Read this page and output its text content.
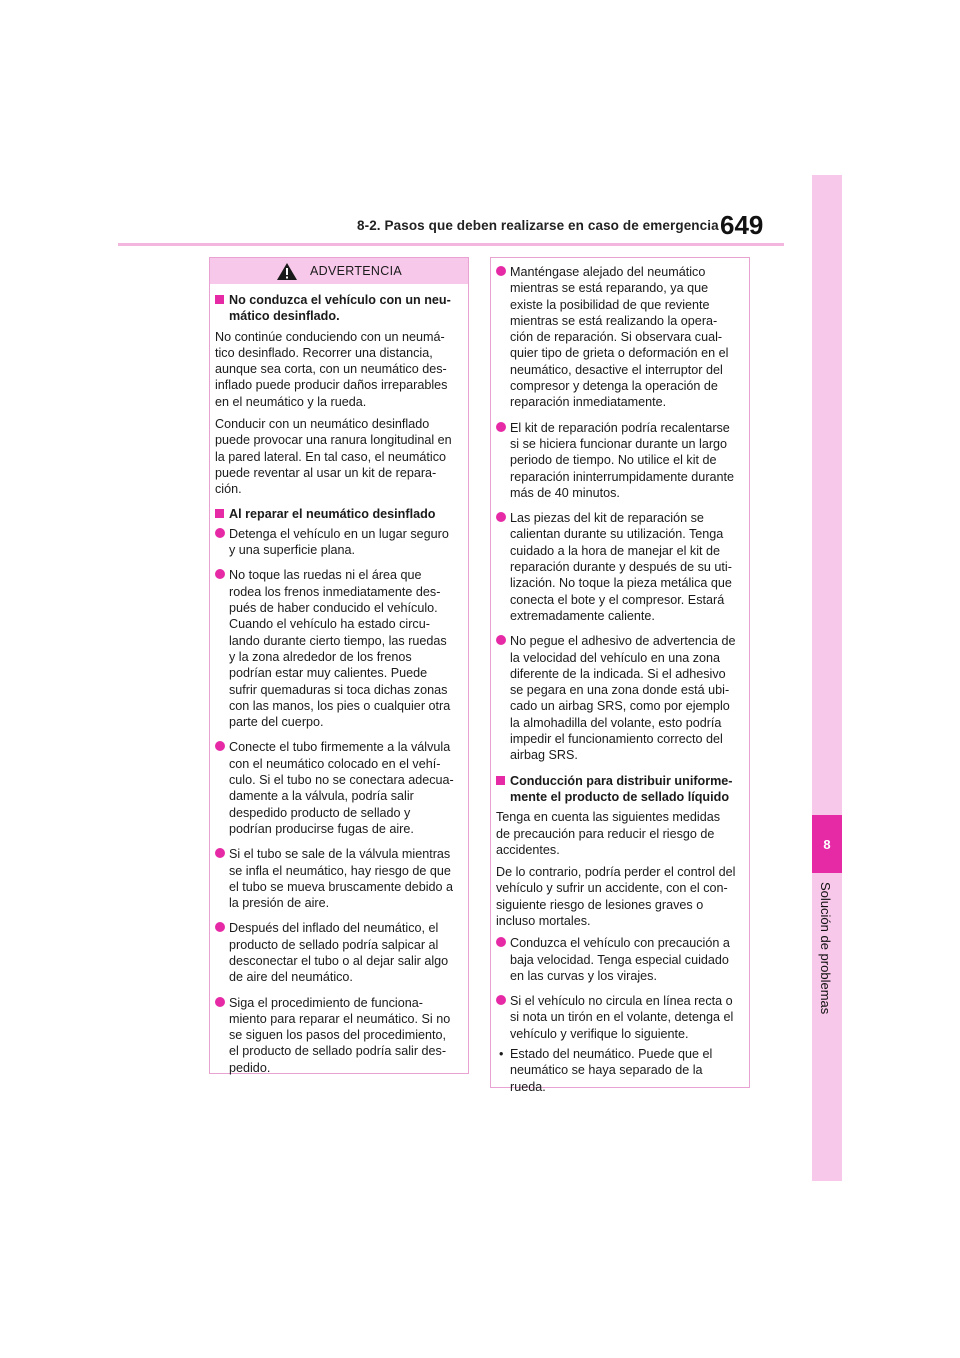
8-2. Pasos que deben realizarse en caso de emergencia 649
8
Solución de problemas
ADVERTENCIA
No conduzca el vehículo con un neu-
mático desinflado.
No continúe conduciendo con un neumá-
tico desinflado. Recorrer una distancia,
aunque sea corta, con un neumático des-
inflado puede producir daños irreparables
en el neumático y la rueda.
Conducir con un neumático desinflado
puede provocar una ranura longitudinal en
la pared lateral. En tal caso, el neumático
puede reventar al usar un kit de repara-
ción.
Al reparar el neumático desinflado
Detenga el vehículo en un lugar seguro
y una superficie plana.
No toque las ruedas ni el área que
rodea los frenos inmediatamente des-
pués de haber conducido el vehículo.
Cuando el vehículo ha estado circu-
lando durante cierto tiempo, las ruedas
y la zona alrededor de los frenos
podrían estar muy calientes. Puede
sufrir quemaduras si toca dichas zonas
con las manos, los pies o cualquier otra
parte del cuerpo.
Conecte el tubo firmemente a la válvula
con el neumático colocado en el vehí-
culo. Si el tubo no se conectara adecua-
damente a la válvula, podría salir
despedido producto de sellado y
podrían producirse fugas de aire.
Si el tubo se sale de la válvula mientras
se infla el neumático, hay riesgo de que
el tubo se mueva bruscamente debido a
la presión de aire.
Después del inflado del neumático, el
producto de sellado podría salpicar al
desconectar el tubo o al dejar salir algo
de aire del neumático.
Siga el procedimiento de funciona-
miento para reparar el neumático. Si no
se siguen los pasos del procedimiento,
el producto de sellado podría salir des-
pedido.
Manténgase alejado del neumático
mientras se está reparando, ya que
existe la posibilidad de que reviente
mientras se está realizando la opera-
ción de reparación. Si observara cual-
quier tipo de grieta o deformación en el
neumático, desactive el interruptor del
compresor y detenga la operación de
reparación inmediatamente.
El kit de reparación podría recalentarse
si se hiciera funcionar durante un largo
periodo de tiempo. No utilice el kit de
reparación ininterrumpidamente durante
más de 40 minutos.
Las piezas del kit de reparación se
calientan durante su utilización. Tenga
cuidado a la hora de manejar el kit de
reparación durante y después de su uti-
lización. No toque la pieza metálica que
conecta el bote y el compresor. Estará
extremadamente caliente.
No pegue el adhesivo de advertencia de
la velocidad del vehículo en una zona
diferente de la indicada. Si el adhesivo
se pegara en una zona donde está ubi-
cado un airbag SRS, como por ejemplo
la almohadilla del volante, esto podría
impedir el funcionamiento correcto del
airbag SRS.
Conducción para distribuir uniforme-
mente el producto de sellado líquido
Tenga en cuenta las siguientes medidas
de precaución para reducir el riesgo de
accidentes.
De lo contrario, podría perder el control del
vehículo y sufrir un accidente, con el con-
siguiente riesgo de lesiones graves o
incluso mortales.
Conduzca el vehículo con precaución a
baja velocidad. Tenga especial cuidado
en las curvas y los virajes.
Si el vehículo no circula en línea recta o
si nota un tirón en el volante, detenga el
vehículo y verifique lo siguiente.
• Estado del neumático. Puede que el
neumático se haya separado de la
rueda.
